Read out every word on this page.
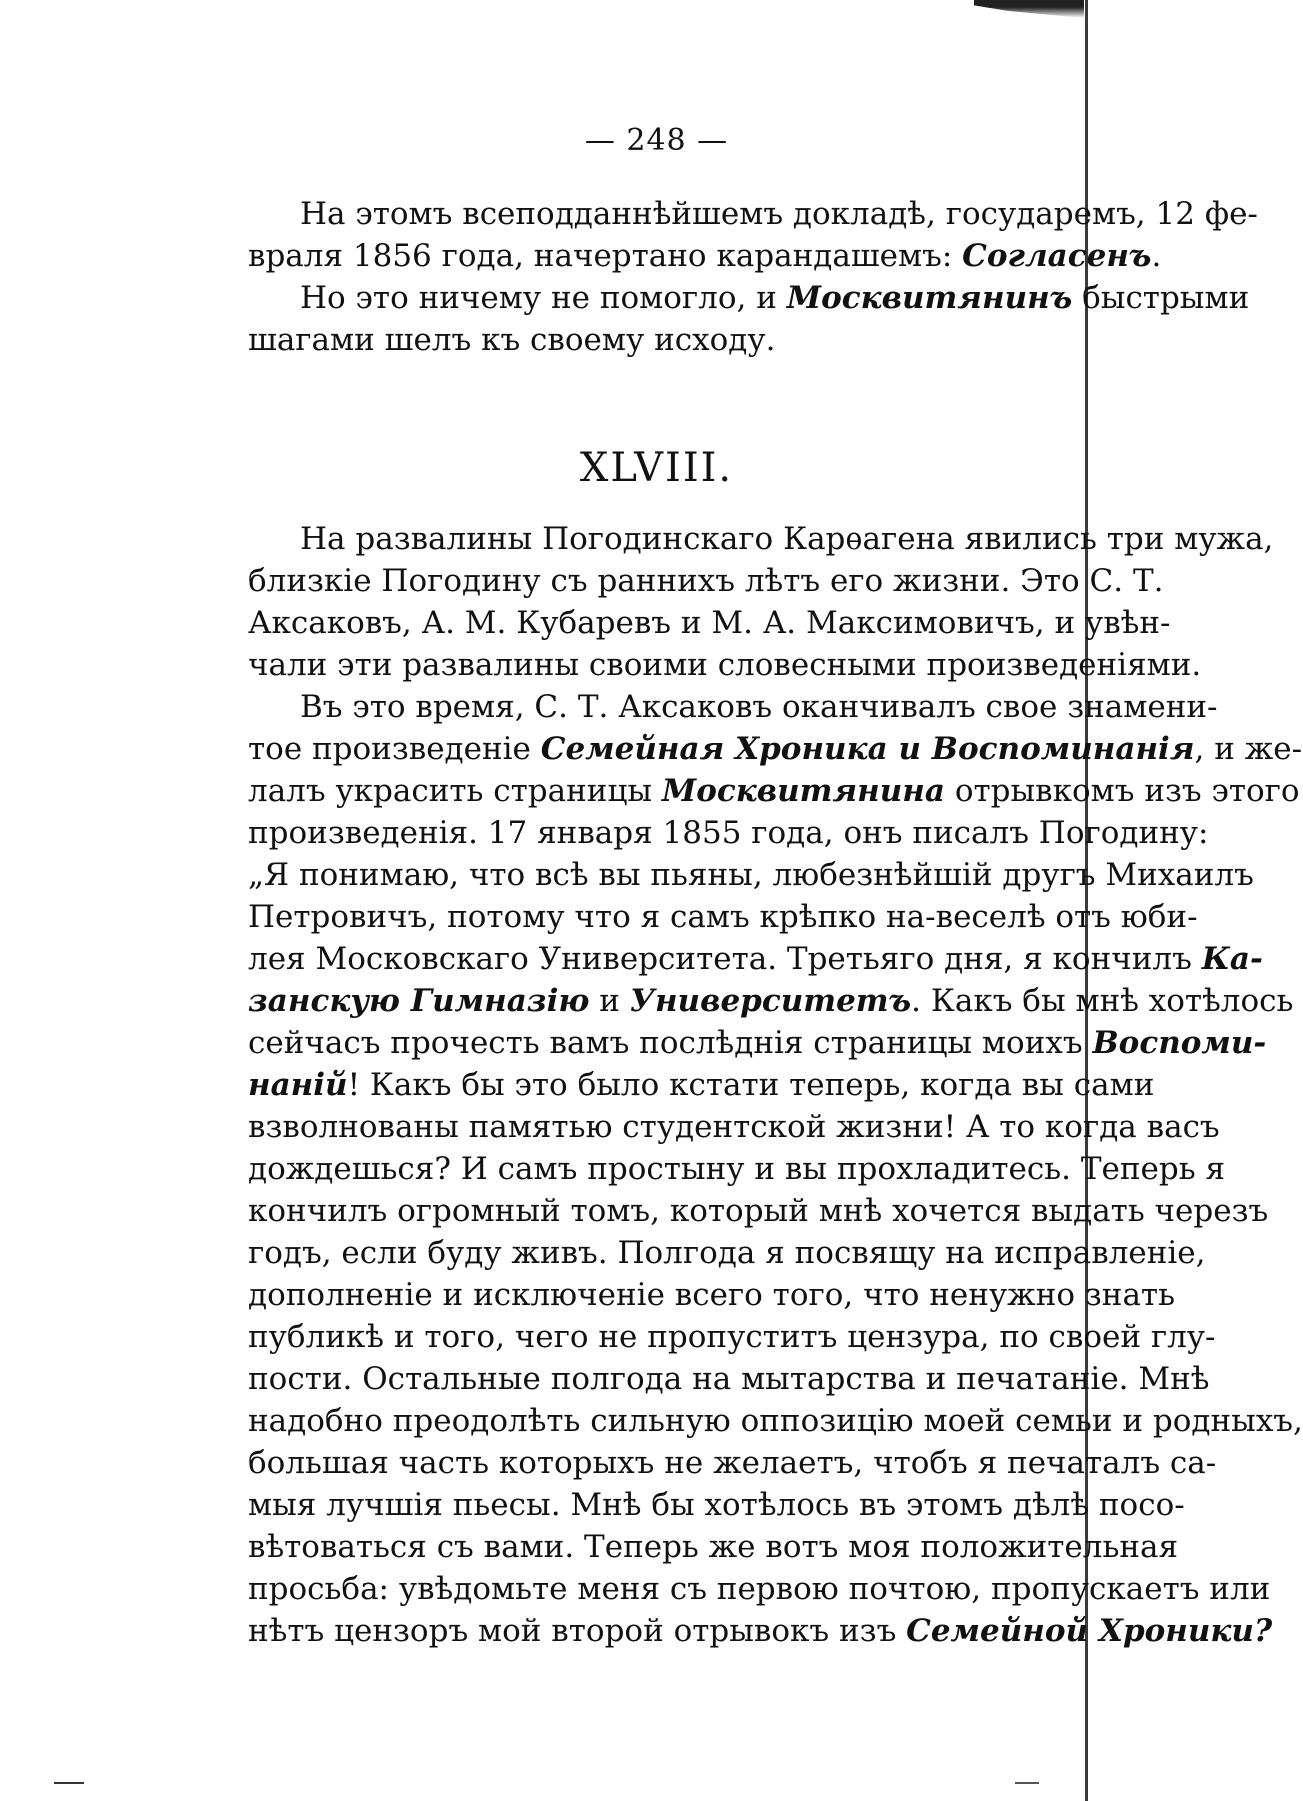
— 248 —
На этомъ всеподданнѣйшемъ докладѣ, государемъ, 12 фе-
враля 1856 года, начертано карандашемъ: Согласенъ.
Но это ничему не помогло, и Москвитянинъ быстрыми
шагами шелъ къ своему исходу.
XLVIII.
На развалины Погодинскаго Карѳагена явились три мужа,
близкіе Погодину съ раннихъ лѣтъ его жизни. Это С. Т.
Аксаковъ, А. М. Кубаревъ и М. А. Максимовичъ, и увѣн-
чали эти развалины своими словесными произведеніями.
Въ это время, С. Т. Аксаковъ оканчивалъ свое знамени-
тое произведеніе Семейная Хроника и Воспоминанія, и же-
лалъ украсить страницы Москвитянина отрывкомъ изъ этого
произведенія. 17 января 1855 года, онъ писалъ Погодину:
„Я понимаю, что всѣ вы пьяны, любезнѣйшій другъ Михаилъ
Петровичъ, потому что я самъ крѣпко на-веселѣ отъ юби-
лея Московскаго Университета. Третьяго дня, я кончилъ Ка-
занскую Гимназію и Университетъ. Какъ бы мнѣ хотѣлось
сейчасъ прочесть вамъ послѣднія страницы моихъ Воспоми-
наній! Какъ бы это было кстати теперь, когда вы сами
взволнованы памятью студентской жизни! А то когда васъ
дождешься? И самъ простыну и вы прохладитесь. Теперь я
кончилъ огромный томъ, который мнѣ хочется выдать черезъ
годъ, если буду живъ. Полгода я посвящу на исправленіе,
дополненіе и исключеніе всего того, что ненужно знать
публикѣ и того, чего не пропуститъ цензура, по своей глу-
пости. Остальные полгода на мытарства и печатаніе. Мнѣ
надобно преодолѣть сильную оппозицію моей семьи и родныхъ,
большая часть которыхъ не желаетъ, чтобъ я печаталъ са-
мыя лучшія пьесы. Мнѣ бы хотѣлось въ этомъ дѣлѣ посо-
вѣтоваться съ вами. Теперь же вотъ моя положительная
просьба: увѣдомьте меня съ первою почтою, пропускаетъ или
нѣтъ цензоръ мой второй отрывокъ изъ Семейной Хроники?
